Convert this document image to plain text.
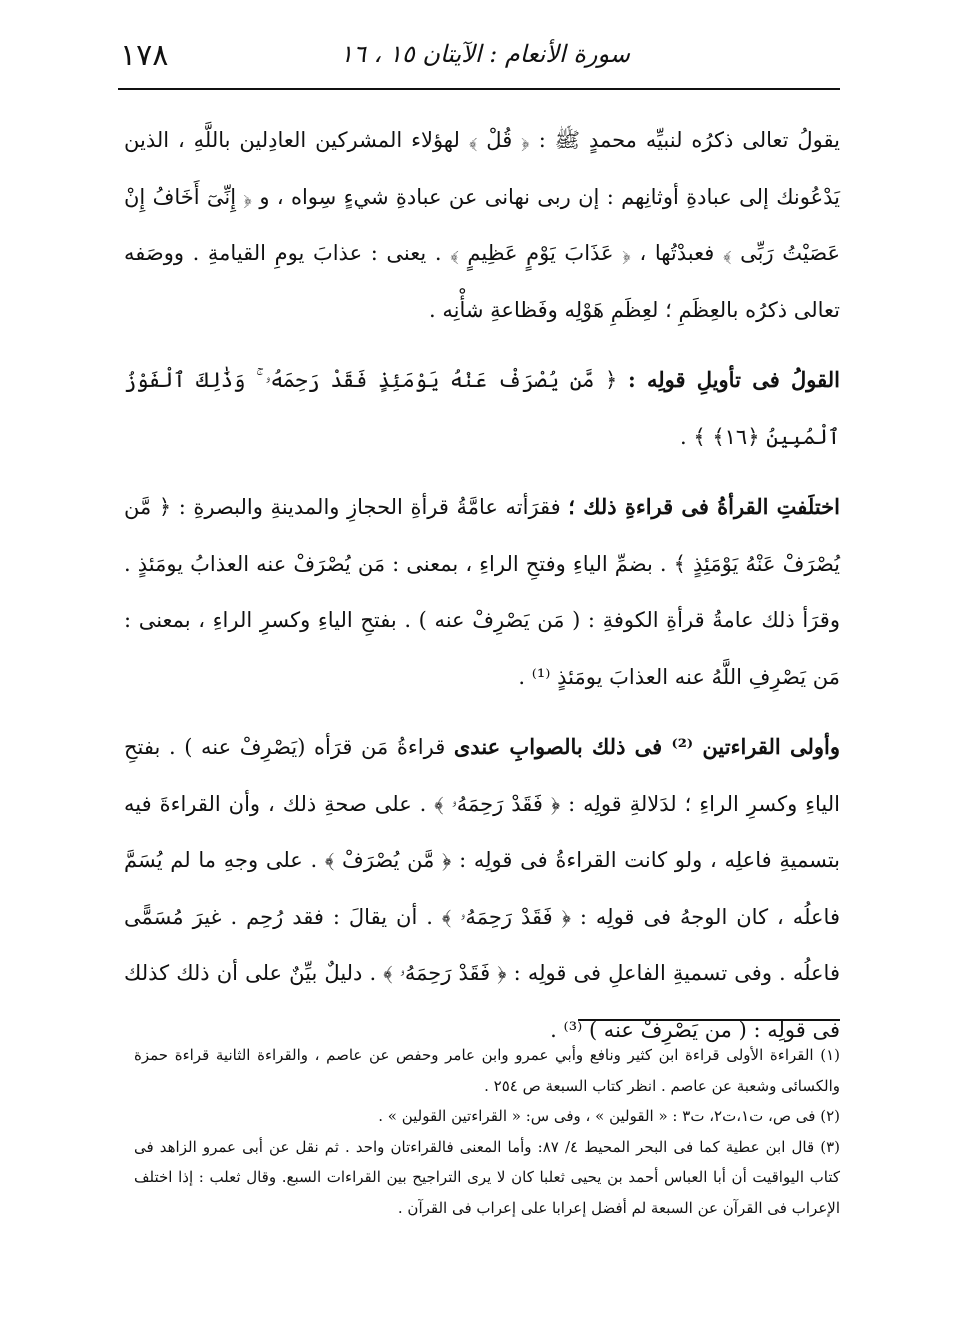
١٧٨	سورة الأنعام : الآيتان ١٥ ، ١٦

يقولُ تعالى ذكرُه لنبيِّه محمدٍ ﷺ : ﴿ قُلْ ﴾ لهؤلاء المشركين العادِلين باللَّهِ ، الذين يَدْعُونك إلى عبادةِ أوثانِهم : إن ربى نهانى عن عبادةِ شيءٍ سِواه ، و ﴿ إِنِّىٓ أَخَافُ إِنْ عَصَيْتُ رَبِّى ﴾ فعبدْتُها ، ﴿ عَذَابَ يَوْمٍ عَظِيمٍ ﴾ . يعنى : عذابَ يومِ القيامةِ . ووصَفه تعالى ذكرُه بالعِظَمِ ؛ لعِظَمِ هَوْلِه وفَظاعةِ شأْنِه .

القولُ فى تأويلِ قولِه : ﴿ مَّن يُصْرَفْ عَنْهُ يَوْمَئِذٍ فَقَدْ رَحِمَهُۥ ۚ وَذَٰلِكَ ٱلْفَوْزُ ٱلْمُبِينُ ﴿١٦﴾ ﴾ .

اختلَفتِ القرأةُ فى قراءةِ ذلك ؛ فقرَأته عامَّةُ قرأةِ الحجازِ والمدينةِ والبصرةِ : ﴿ مَّن يُصْرَفْ عَنْهُ يَوْمَئِذٍ ﴾ . بضمِّ الياءِ وفتحِ الراءِ ، بمعنى : مَن يُصْرَفْ عنه العذابُ يومَئذٍ . وقرَأ ذلك عامةُ قرأةِ الكوفةِ : ( مَن يَصْرِفْ عنه ) . بفتحِ الياءِ وكسرِ الراءِ ، بمعنى : مَن يَصْرِفِ اللَّهُ عنه العذابَ يومَئذٍ ⁽¹⁾ .

وأولى القراءتين ⁽²⁾ فى ذلك بالصوابِ عندى قراءةُ مَن قرَأه (يَصْرِفْ عنه ) . بفتحِ الياءِ وكسرِ الراءِ ؛ لدَلالةِ قولِه : ﴿ فَقَدْ رَحِمَهُۥ ﴾ . على صحةِ ذلك ، وأن القراءةَ فيه بتسميةِ فاعلِه ، ولو كانت القراءةُ فى قولِه : ﴿ مَّن يُصْرَفْ ﴾ . على وجهِ ما لم يُسَمَّ فاعلُه ، كان الوجهُ فى قولِه : ﴿ فَقَدْ رَحِمَهُۥ ﴾ . أن يقالَ : فقد رُحِم . غيرَ مُسَمًّى فاعلُه . وفى تسميةِ الفاعلِ فى قولِه : ﴿ فَقَدْ رَحِمَهُۥ ﴾ . دليلٌ بيِّنٌ على أن ذلك كذلك فى قولِه : ( من يَصْرِفْ عنه ) ⁽³⁾ .

(١) القراءة الأولى قراءة ابن كثير ونافع وأبي عمرو وابن عامر وحفص عن عاصم ، والقراءة الثانية قراءة حمزة والكسائى وشعبة عن عاصم . انظر كتاب السبعة ص ٢٥٤ .

(٢) فى ص، ت١،ت٢، ت٣ : « القولين » ، وفى س: « القراءتين القولين » .

(٣) قال ابن عطية كما فى البحر المحيط ٤/ ٨٧: وأما المعنى فالقراءتان واحد . ثم نقل عن أبى عمرو الزاهد فى كتاب اليواقيت أن أبا العباس أحمد بن يحيى ثعلبا كان لا يرى التراجيح بين القراءات السبع. وقال ثعلب : إذا اختلف الإعراب فى القرآن عن السبعة لم أفضل إعرابا على إعراب فى القرآن .
